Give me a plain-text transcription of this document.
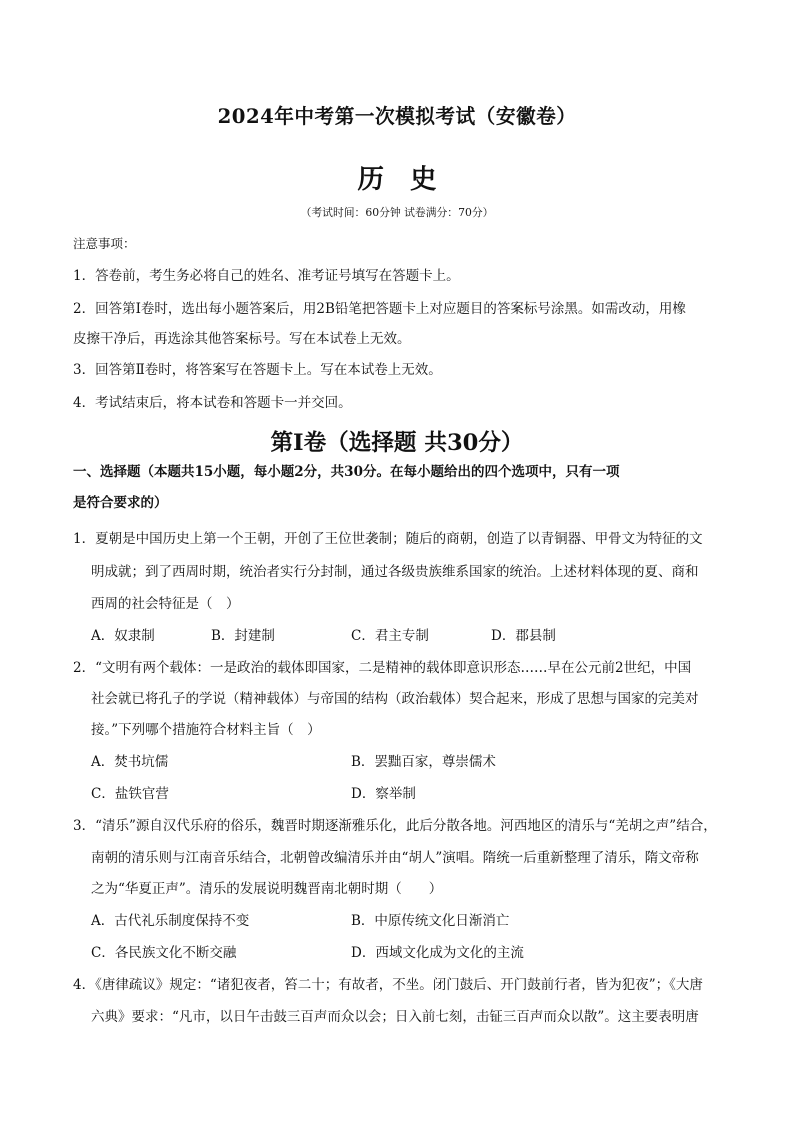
2024年中考第一次模拟考试（安徽卷）
历史
（考试时间：60分钟 试卷满分：70分）
注意事项：
1．答卷前，考生务必将自己的姓名、准考证号填写在答题卡上。
2．回答第Ⅰ卷时，选出每小题答案后，用2B铅笔把答题卡上对应题目的答案标号涂黑。如需改动，用橡
皮擦干净后，再选涂其他答案标号。写在本试卷上无效。
3．回答第Ⅱ卷时，将答案写在答题卡上。写在本试卷上无效。
4．考试结束后，将本试卷和答题卡一并交回。
第Ⅰ卷（选择题 共30分）
一、选择题（本题共15小题，每小题2分，共30分。在每小题给出的四个选项中，只有一项
是符合要求的）
1．夏朝是中国历史上第一个王朝，开创了王位世袭制；随后的商朝，创造了以青铜器、甲骨文为特征的文
明成就；到了西周时期，统治者实行分封制，通过各级贵族维系国家的统治。上述材料体现的夏、商和
西周的社会特征是（　）
A．奴隶制	B．封建制	C．君主专制	D．郡县制
2．“文明有两个载体：一是政治的载体即国家，二是精神的载体即意识形态……早在公元前2世纪，中国
社会就已将孔子的学说（精神载体）与帝国的结构（政治载体）契合起来，形成了思想与国家的完美对
接。”下列哪个措施符合材料主旨（　）
A．焚书坑儒	B．罢黜百家，尊崇儒术
C．盐铁官营	D．察举制
3．“清乐”源自汉代乐府的俗乐，魏晋时期逐渐雅乐化，此后分散各地。河西地区的清乐与“羌胡之声”结合，
南朝的清乐则与江南音乐结合，北朝曾改编清乐并由“胡人”演唱。隋统一后重新整理了清乐，隋文帝称
之为“华夏正声”。清乐的发展说明魏晋南北朝时期（　　）
A．古代礼乐制度保持不变	B．中原传统文化日渐消亡
C．各民族文化不断交融	D．西域文化成为文化的主流
4．《唐律疏议》规定：“诸犯夜者，笞二十；有故者，不坐。闭门鼓后、开门鼓前行者，皆为犯夜”；《大唐
六典》要求：“凡市，以日午击鼓三百声而众以会；日入前七刻，击钲三百声而众以散”。这主要表明唐
